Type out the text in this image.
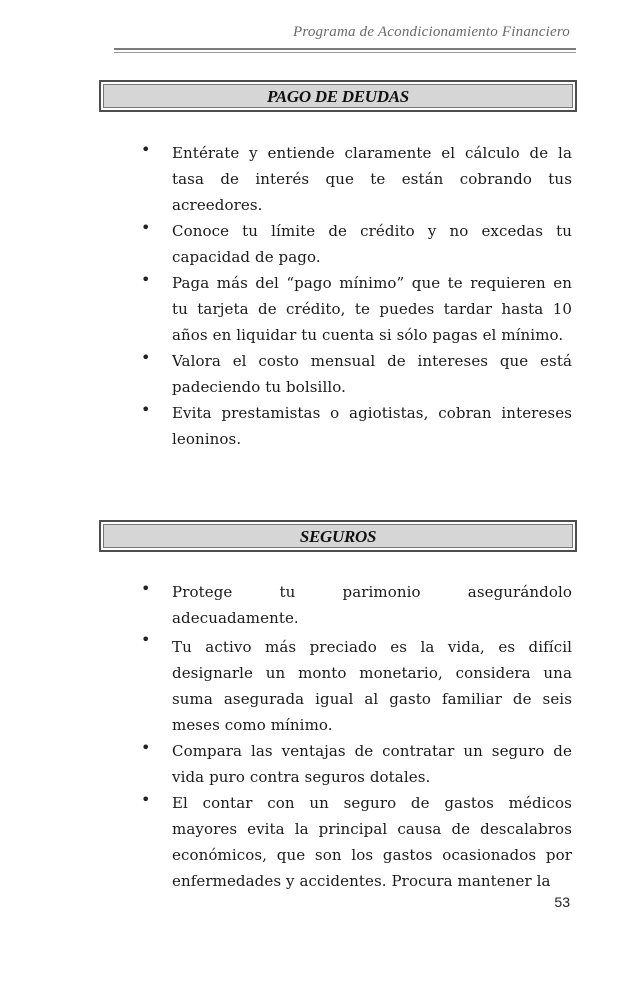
Programa de Acondicionamiento Financiero
PAGO DE DEUDAS
• Entérate y entiende claramente el cálculo de la tasa de interés que te están cobrando tus acreedores.
• Conoce tu límite de crédito y no excedas tu capacidad de pago.
• Paga más del “pago mínimo” que te requieren en tu tarjeta de crédito, te puedes tardar hasta 10 años en liquidar tu cuenta si sólo pagas el mínimo.
• Valora el costo mensual de intereses que está padeciendo tu bolsillo.
• Evita prestamistas o agiotistas, cobran intereses leoninos.
SEGUROS
• Protege tu parimonio asegurándolo adecuadamente.
• Tu activo más preciado es la vida, es difícil designarle un monto monetario, considera una suma asegurada igual al gasto familiar de seis meses como mínimo.
• Compara las ventajas de contratar un seguro de vida puro contra seguros dotales.
• El contar con un seguro de gastos médicos mayores evita la principal causa de descalabros económicos, que son los gastos ocasionados por enfermedades y accidentes. Procura mantener la
53
